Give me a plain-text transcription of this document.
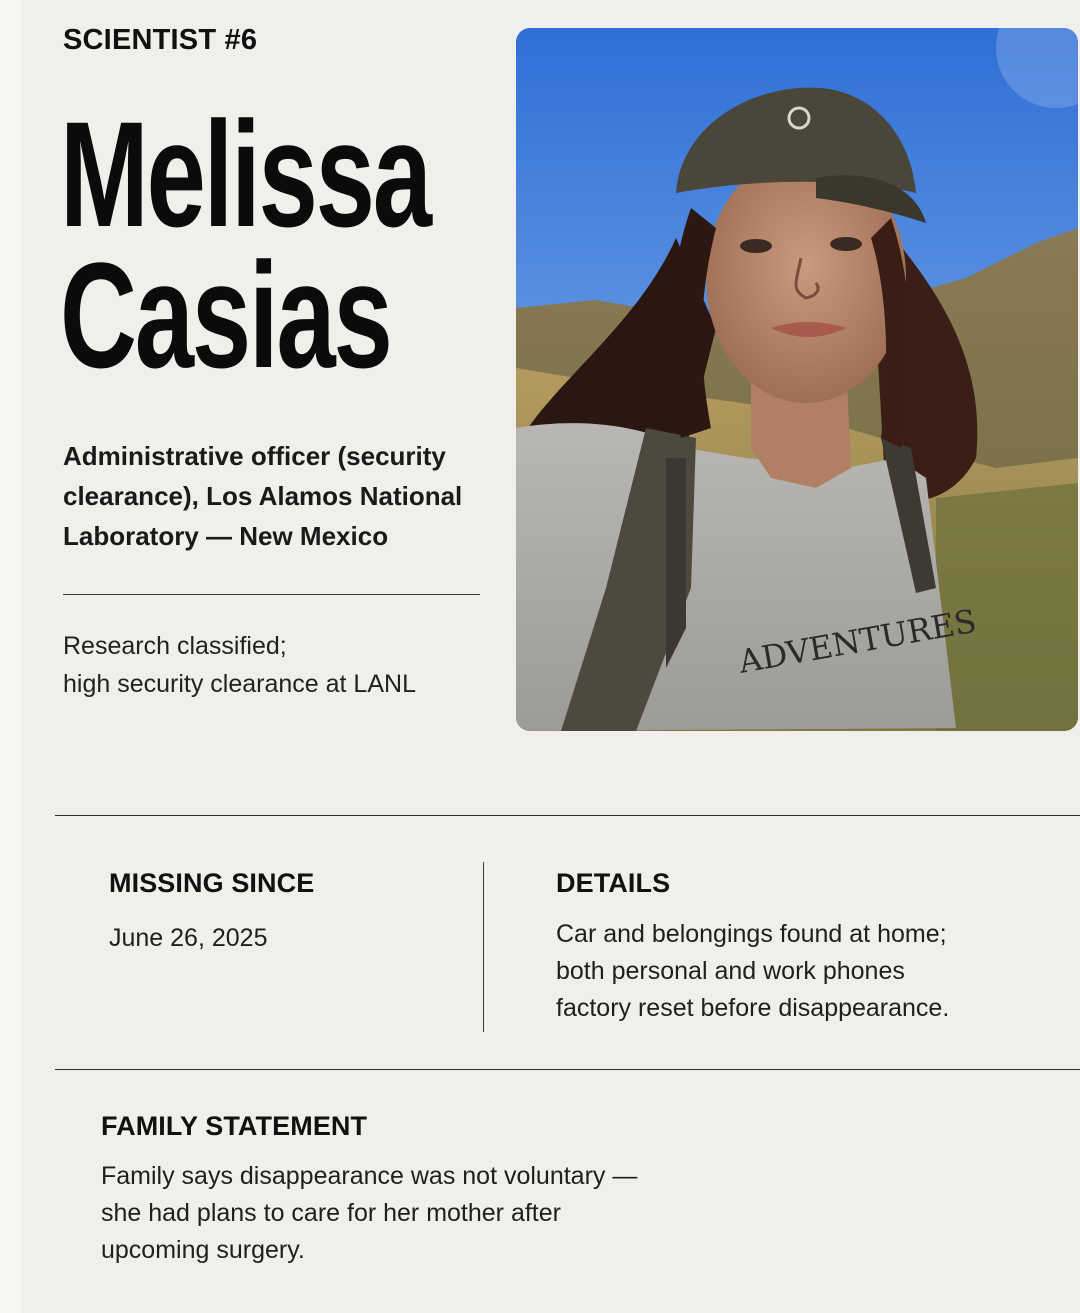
SCIENTIST #6
Melissa
Casias
Administrative officer (security clearance), Los Alamos National Laboratory — New Mexico
Research classified;
high security clearance at LANL
ADVENTURES
MISSING SINCE
June 26, 2025
DETAILS
Car and belongings found at home;
both personal and work phones
factory reset before disappearance.
FAMILY STATEMENT
Family says disappearance was not voluntary —
she had plans to care for her mother after
upcoming surgery.
